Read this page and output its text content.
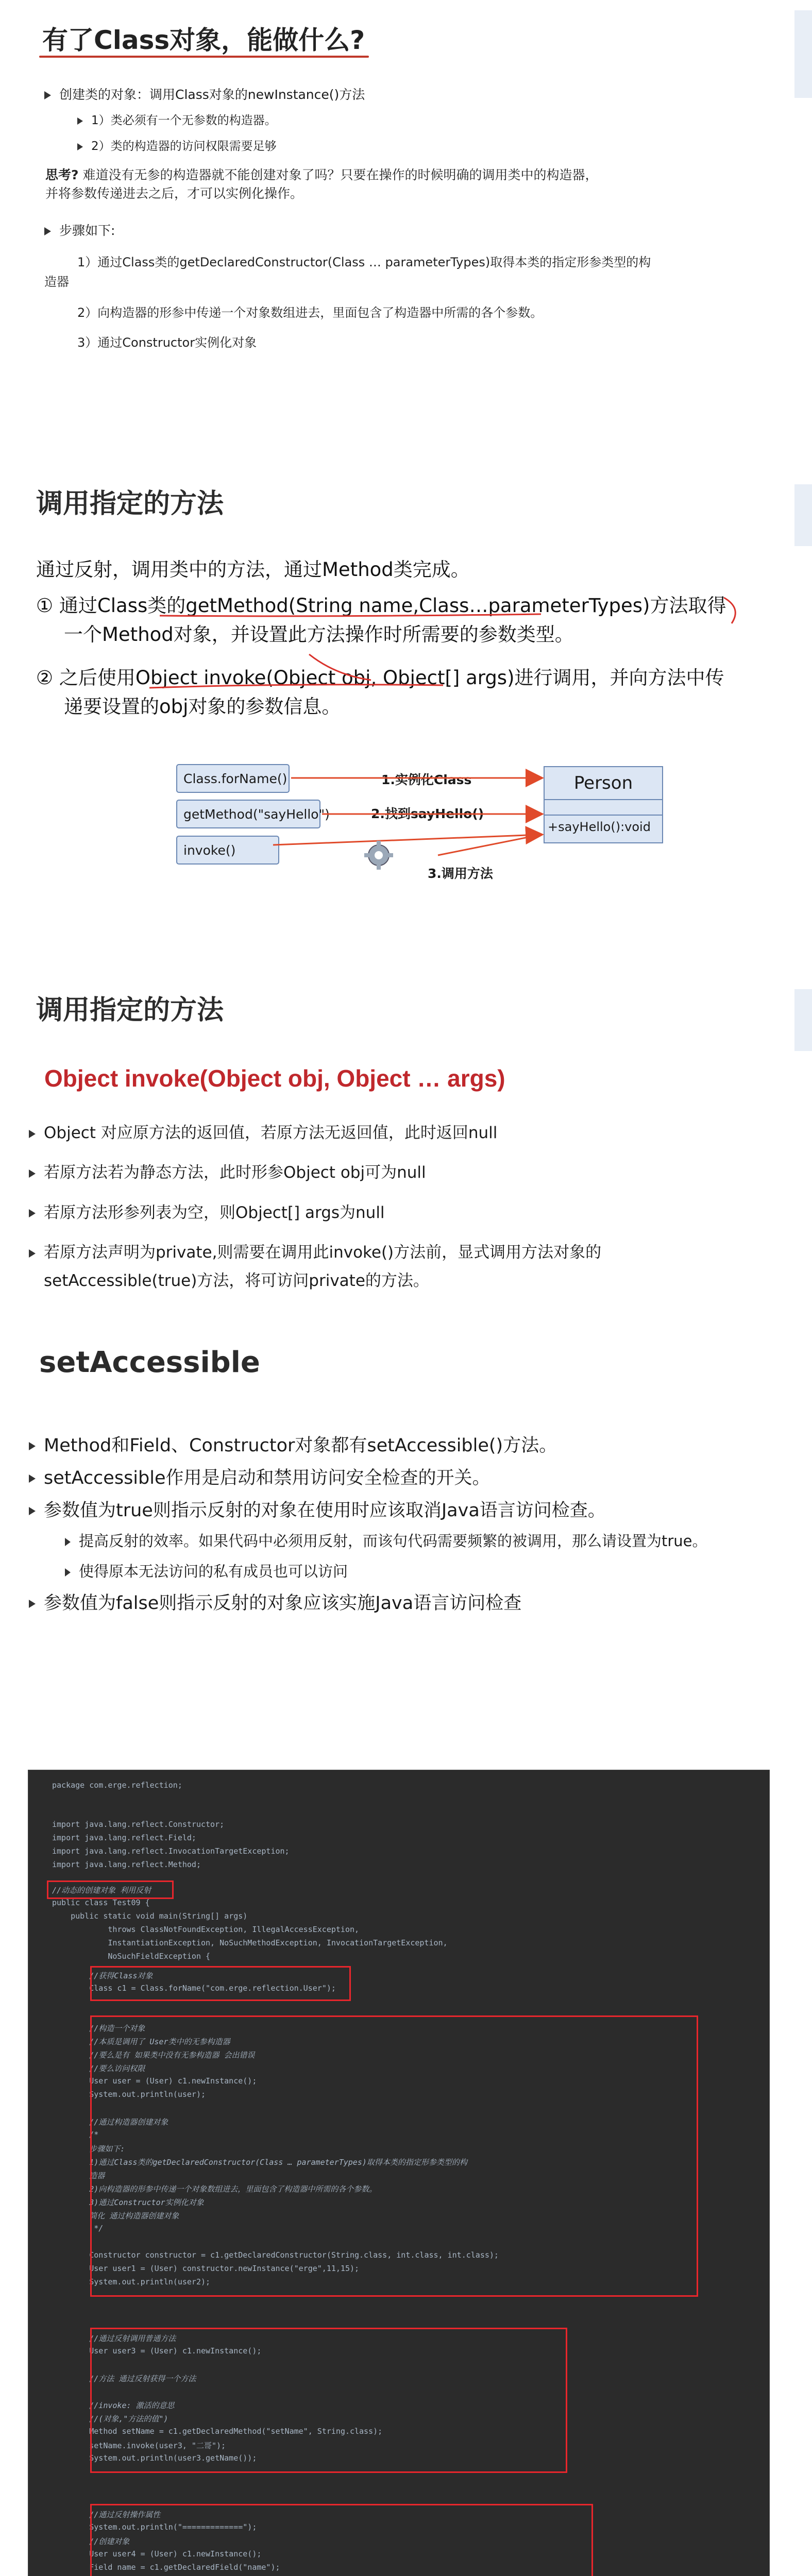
有了Class对象，能做什么?
创建类的对象：调用Class对象的newInstance()方法
1）类必须有一个无参数的构造器。
2）类的构造器的访问权限需要足够
思考? 难道没有无参的构造器就不能创建对象了吗？只要在操作的时候明确的调用类中的构造器，
并将参数传递进去之后，才可以实例化操作。
步骤如下:
1）通过Class类的getDeclaredConstructor(Class … parameterTypes)取得本类的指定形参类型的构
造器
2）向构造器的形参中传递一个对象数组进去，里面包含了构造器中所需的各个参数。
3）通过Constructor实例化对象
调用指定的方法
通过反射，调用类中的方法，通过Method类完成。
① 通过Class类的getMethod(String name,Class…parameterTypes)方法取得
一个Method对象，并设置此方法操作时所需要的参数类型。
② 之后使用Object invoke(Object obj, Object[] args)进行调用，并向方法中传
递要设置的obj对象的参数信息。
Class.forName()
getMethod("sayHello")
invoke()
1.实例化Class
2.找到sayHello()
3.调用方法
Person
+sayHello():void
调用指定的方法
Object invoke(Object obj, Object … args)
Object 对应原方法的返回值，若原方法无返回值，此时返回null
若原方法若为静态方法，此时形参Object obj可为null
若原方法形参列表为空，则Object[] args为null
若原方法声明为private,则需要在调用此invoke()方法前，显式调用方法对象的
setAccessible(true)方法，将可访问private的方法。
setAccessible
Method和Field、Constructor对象都有setAccessible()方法。
setAccessible作用是启动和禁用访问安全检查的开关。
参数值为true则指示反射的对象在使用时应该取消Java语言访问检查。
提高反射的效率。如果代码中必须用反射，而该句代码需要频繁的被调用，那么请设置为true。
使得原本无法访问的私有成员也可以访问
参数值为false则指示反射的对象应该实施Java语言访问检查
package com.erge.reflection;
import java.lang.reflect.Constructor;
import java.lang.reflect.Field;
import java.lang.reflect.InvocationTargetException;
import java.lang.reflect.Method;
//动态的创建对象 利用反射
public class Test09 {
public static void main(String[] args)
throws ClassNotFoundException, IllegalAccessException,
InstantiationException, NoSuchMethodException, InvocationTargetException,
NoSuchFieldException {
//获得Class对象
Class c1 = Class.forName("com.erge.reflection.User");
//构造一个对象
//本质是调用了 User类中的无参构造器
//要么是有 如果类中没有无参构造器 会出错误
//要么访问权限
User user = (User) c1.newInstance();
System.out.println(user);
//通过构造器创建对象
/*
步骤如下:
1)通过Class类的getDeclaredConstructor(Class … parameterTypes)取得本类的指定形参类型的构
造器
2)向构造器的形参中传递一个对象数组进去，里面包含了构造器中所需的各个参数。
3)通过Constructor实例化对象
简化 通过构造器创建对象
*/
Constructor constructor = c1.getDeclaredConstructor(String.class, int.class, int.class);
User user1 = (User) constructor.newInstance("erge",11,15);
System.out.println(user2);
//通过反射调用普通方法
User user3 = (User) c1.newInstance();
//方法 通过反射获得一个方法
//invoke: 激活的意思
//(对象,"方法的值")
Method setName = c1.getDeclaredMethod("setName", String.class);
setName.invoke(user3, "二哥");
System.out.println(user3.getName());
//通过反射操作属性
System.out.println("=============");
//创建对象
User user4 = (User) c1.newInstance();
Field name = c1.getDeclaredField("name");
